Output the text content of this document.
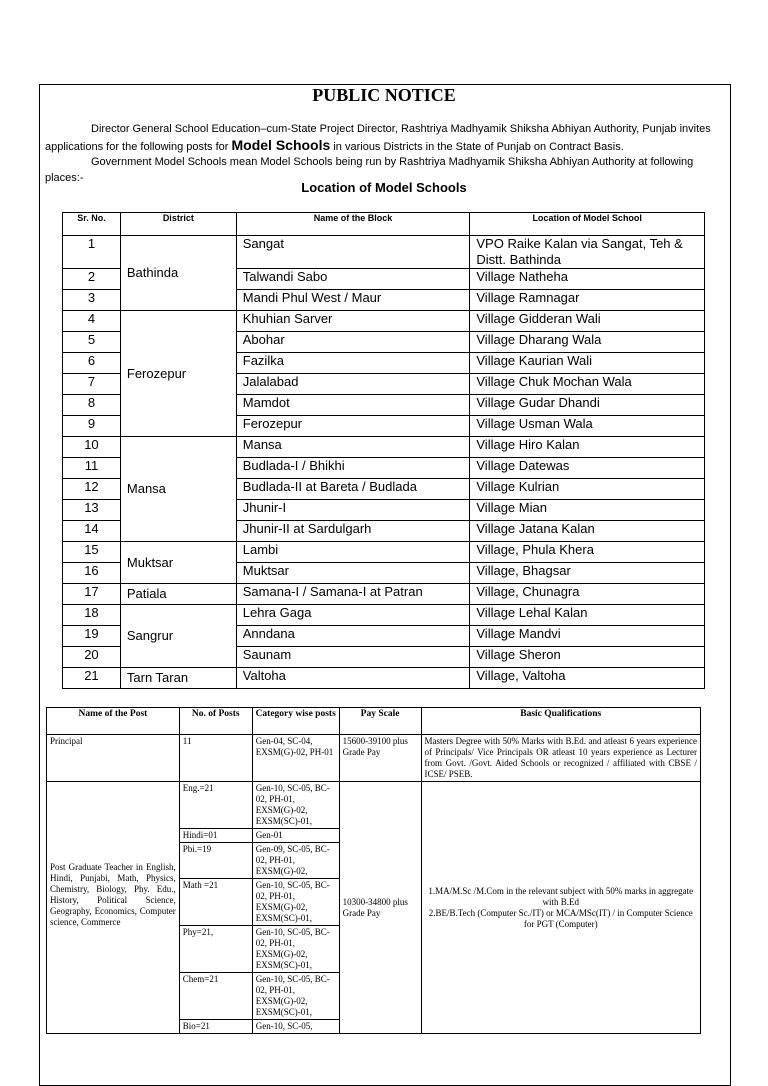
PUBLIC NOTICE
Director General School Education–cum-State Project Director, Rashtriya Madhyamik Shiksha Abhiyan Authority, Punjab invites applications for the following posts for Model Schools in various Districts in the State of Punjab on Contract Basis.
Government Model Schools mean Model Schools being run by Rashtriya Madhyamik Shiksha Abhiyan Authority at following places:-
Location of Model Schools
Sr. No.	District	Name of the Block	Location of Model School
1	Bathinda	Sangat	VPO Raike Kalan via Sangat, Teh & Distt. Bathinda
2		Talwandi Sabo	Village Natheha
3		Mandi Phul West / Maur	Village Ramnagar
4	Ferozepur	Khuhian Sarver	Village Gidderan Wali
5		Abohar	Village Dharang Wala
6		Fazilka	Village Kaurian Wali
7		Jalalabad	Village Chuk Mochan Wala
8		Mamdot	Village Gudar Dhandi
9		Ferozepur	Village Usman Wala
10	Mansa	Mansa	Village Hiro Kalan
11		Budlada-I / Bhikhi	Village Datewas
12		Budlada-II at Bareta / Budlada	Village Kulrian
13		Jhunir-I	Village Mian
14		Jhunir-II at Sardulgarh	Village Jatana Kalan
15	Muktsar	Lambi	Village, Phula Khera
16		Muktsar	Village, Bhagsar
17	Patiala	Samana-I / Samana-I at Patran	Village, Chunagra
18	Sangrur	Lehra Gaga	Village Lehal Kalan
19		Anndana	Village Mandvi
20		Saunam	Village Sheron
21	Tarn Taran	Valtoha	Village, Valtoha
Name of the Post	No. of Posts	Category wise posts	Pay Scale	Basic Qualifications
Principal	11	Gen-04, SC-04, EXSM(G)-02, PH-01	15600-39100 plus Grade Pay	Masters Degree with 50% Marks with B.Ed. and atleast 6 years experience of Principals/ Vice Principals OR atleast 10 years experience as Lecturer from Govt. /Govt. Aided Schools or recognized / affiliated with CBSE / ICSE/ PSEB.
Post Graduate Teacher in English, Hindi, Punjabi, Math, Physics, Chemistry, Biology, Phy. Edu., History, Political Science, Geography, Economics, Computer science, Commerce	Eng.=21	Gen-10, SC-05, BC-02, PH-01, EXSM(G)-02, EXSM(SC)-01,	10300-34800 plus Grade Pay	1.MA/M.Sc /M.Com in the relevant subject with 50% marks in aggregate with B.Ed
2.BE/B.Tech (Computer Sc./IT) or MCA/MSc(IT) / in Computer Science for PGT (Computer)

	Hindi=01	Gen-01		
	Pbi.=19	Gen-09, SC-05, BC-02, PH-01, EXSM(G)-02,		
	Math =21	Gen-10, SC-05, BC-02, PH-01, EXSM(G)-02, EXSM(SC)-01,		
	Phy=21,	Gen-10, SC-05, BC-02, PH-01, EXSM(G)-02, EXSM(SC)-01,		
	Chem=21	Gen-10, SC-05, BC-02, PH-01, EXSM(G)-02, EXSM(SC)-01,		
	Bio=21	Gen-10, SC-05,		
